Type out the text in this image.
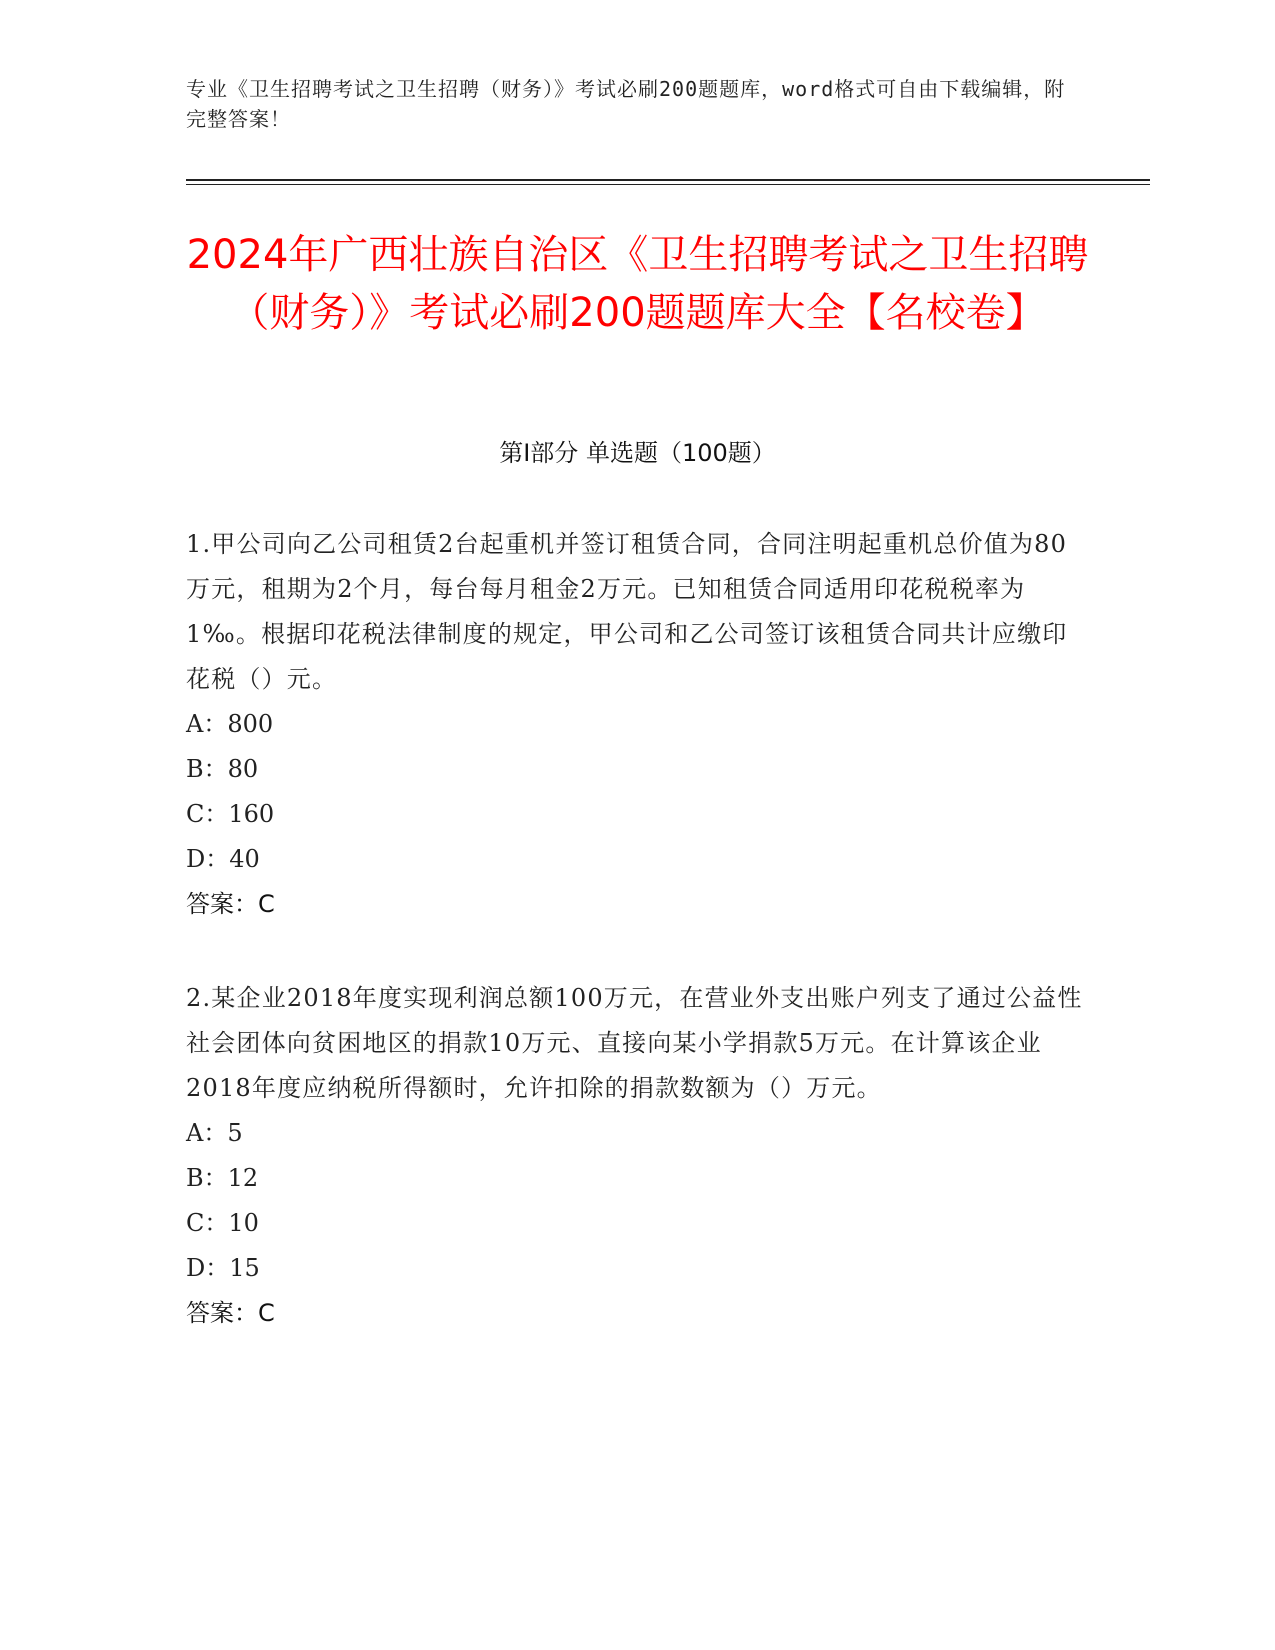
专业《卫生招聘考试之卫生招聘（财务）》考试必刷200题题库，word格式可自由下载编辑，附完整答案！
2024年广西壮族自治区《卫生招聘考试之卫生招聘（财务）》考试必刷200题题库大全【名校卷】
第I部分 单选题（100题）

1.甲公司向乙公司租赁2台起重机并签订租赁合同，合同注明起重机总价值为80万元，租期为2个月，每台每月租金2万元。已知租赁合同适用印花税税率为1‰。根据印花税法律制度的规定，甲公司和乙公司签订该租赁合同共计应缴印花税（）元。

A：800

B：80

C：160

D：40

答案：C

2.某企业2018年度实现利润总额100万元，在营业外支出账户列支了通过公益性社会团体向贫困地区的捐款10万元、直接向某小学捐款5万元。在计算该企业2018年度应纳税所得额时，允许扣除的捐款数额为（）万元。

A：5

B：12

C：10

D：15

答案：C
